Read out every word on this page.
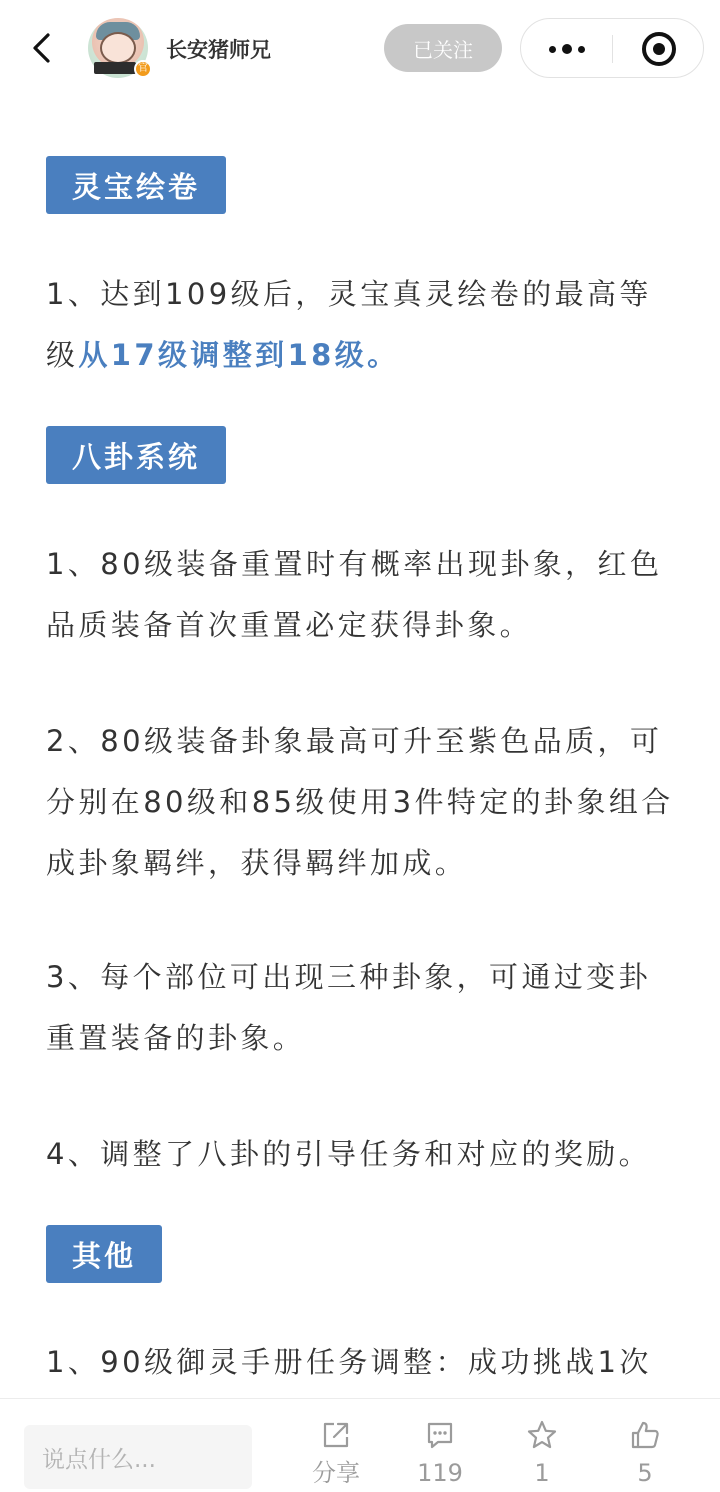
灵宝绘卷
1、达到109级后，灵宝真灵绘卷的最高等级从17级调整到18级。
八卦系统
1、80级装备重置时有概率出现卦象，红色品质装备首次重置必定获得卦象。
2、80级装备卦象最高可升至紫色品质，可分别在80级和85级使用3件特定的卦象组合成卦象羁绊，获得羁绊加成。
3、每个部位可出现三种卦象，可通过变卦重置装备的卦象。
4、调整了八卦的引导任务和对应的奖励。
其他
1、90级御灵手册任务调整：成功挑战1次
官
长安猪师兄	已关注
说点什么...	分享 119	1	5
